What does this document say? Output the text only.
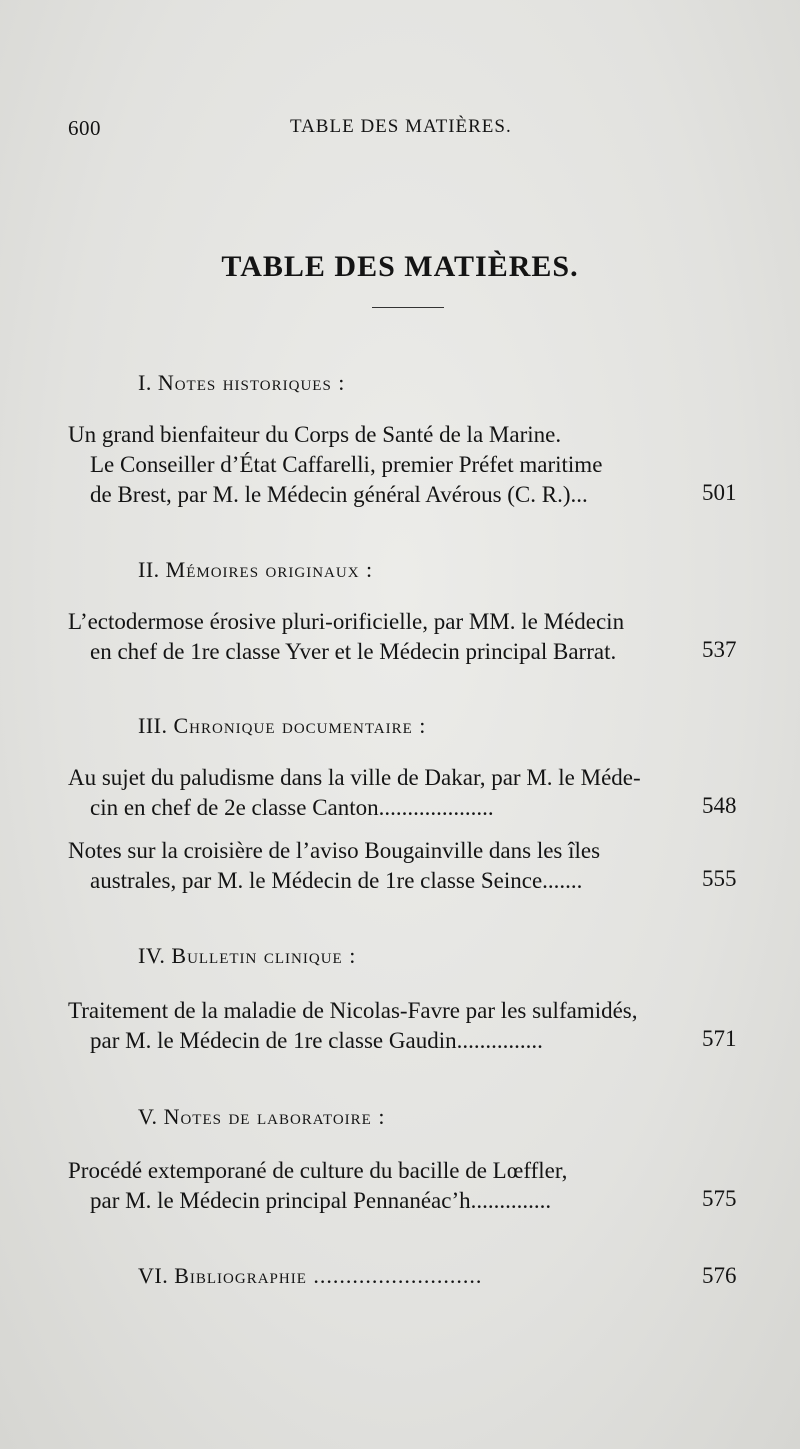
600	TABLE DES MATIÈRES.
TABLE DES MATIÈRES.
I. Notes historiques :
Un grand bienfaiteur du Corps de Santé de la Marine.
Le Conseiller d’État Caffarelli, premier Préfet maritime
de Brest, par M. le Médecin général Avérous (C. R.)...	501
II. Mémoires originaux :
L’ectodermose érosive pluri-orificielle, par MM. le Médecin
en chef de 1re classe Yver et le Médecin principal Barrat.	537
III. Chronique documentaire :
Au sujet du paludisme dans la ville de Dakar, par M. le Méde-
cin en chef de 2e classe Canton....................	548
Notes sur la croisière de l’aviso Bougainville dans les îles
australes, par M. le Médecin de 1re classe Seince.......	555
IV. Bulletin clinique :
Traitement de la maladie de Nicolas-Favre par les sulfamidés,
par M. le Médecin de 1re classe Gaudin...............	571
V. Notes de laboratoire :
Procédé extemporané de culture du bacille de Lœffler,
par M. le Médecin principal Pennanéac’h..............	575
VI. Bibliographie ..........................	576
